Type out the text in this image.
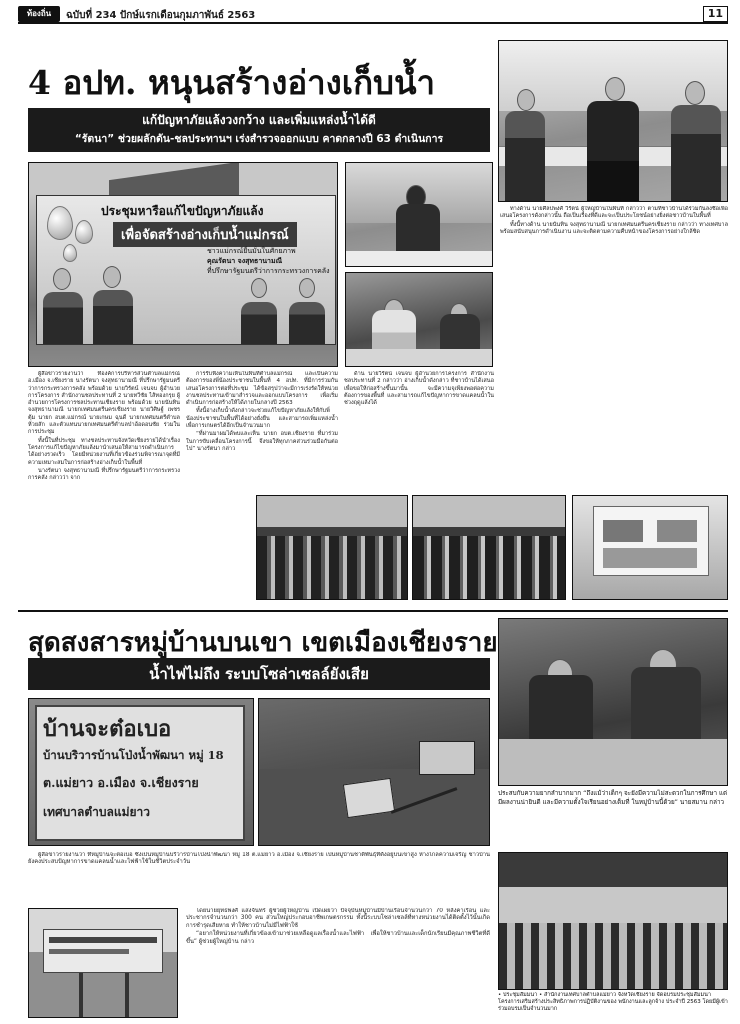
ท้องถิ่น	ฉบับที่ 234 ปักษ์แรกเดือนกุมภาพันธ์ 2563	11
4 อปท. หนุนสร้างอ่างเก็บน้ำ
แก้ปัญหาภัยแล้งวงกว้าง และเพิ่มแหล่งน้ำได้ดี
“รัตนา” ช่วยผลักดัน-ชลประทานฯ เร่งสำรวจออกแบบ คาดกลางปี 63 ดำเนินการ
ประชุมหารือแก้ไขปัญหาภัยแล้ง
เพื่อจัดสร้างอ่างเก็บน้ำแม่กรณ์
ชาวแม่กรณ์ยื่นมั่นในศักยภาพ
คุณรัตนา จงสุทธานามณี
ที่ปรึกษารัฐมนตรีว่าการกระทรวงการคลัง

ผู้สื่อข่าวรายงานว่า ที่องค์การบริหารส่วนตำบลแม่กรณ์ อ.เมือง จ.เชียงราย นางรัตนา จงสุทธานามณี ที่ปรึกษารัฐมนตรีว่าการกระทรวงการคลัง พร้อมด้วย นายวิรัตน์ เจนจบ ผู้อำนวยการโครงการ สำนักงานชลประทานที่ 2 นายทวีชัย ไส้ทองกรุย ผู้อำนวยการโครงการชลประทานเชียงราย พร้อมด้วย นายนันทิน จงสุทธานามณี นายกเทศมนตรีนครเชียงราย นายวิศิษฐ์ เพชรตุ้ม นายก อบต.แม่กรณ์ นายเกษม ฉุนดี นายกเทศมนตรีตำบลห้วยสัก และตัวแทนนายกเทศมนตรีตำบลป่าอ้อดอนชัย ร่วมในการประชุม

ทั้งนี้ในที่ประชุม ทางชลประทานจังหวัดเชียงรายได้นำเรื่องโครงการแก้ไขปัญหาภัยแล้งมานำเสนอให้สามารถดำเนินการได้อย่างรวดเร็ว โดยมีหน่วยงานที่เกี่ยวข้องร่วมพิจารณาจุดที่มีความเหมาะสมในการก่อสร้างอ่างเก็บน้ำในพื้นที่

นางรัตนา จงสุทธานามณี ที่ปรึกษารัฐมนตรีว่าการกระทรวงการคลัง กล่าวว่า จาก

การรับฟังความเห็นในพื้นที่ตำบลแม่กรณ์ และเป็นความต้องการของพี่น้องประชาชนในพื้นที่ 4 อปท. ที่มีการร่วมกันเสนอโครงการต่อที่ประชุม ได้ข้อสรุปว่าจะมีการเร่งรัดให้หน่วยงานชลประทานเข้ามาสำรวจและออกแบบโครงการ เพื่อเริ่มดำเนินการก่อสร้างให้ได้ภายในกลางปี 2563

ทั้งนี้อ่างเก็บน้ำดังกล่าวจะช่วยแก้ไขปัญหาภัยแล้งให้กับพี่น้องประชาชนในพื้นที่ได้อย่างยั่งยืน และสามารถเพิ่มแหล่งน้ำเพื่อการเกษตรได้อีกเป็นจำนวนมาก

“ที่ผ่านมาผมได้พบและเห็น นายก อบต.เชียงราย ที่มาร่วมในการขับเคลื่อนโครงการนี้ จึงขอให้ทุกภาคส่วนร่วมมือกันต่อไป” นางรัตนา กล่าว

ด้าน นายวิรัตน์ เจนจบ ผู้อำนวยการโครงการ สำนักงานชลประทานที่ 2 กล่าวว่า อ่างเก็บน้ำดังกล่าว ที่ชาวบ้านได้เสนอเพื่อขอให้ก่อสร้างขึ้นมานั้น จะมีความจุเพียงพอต่อความต้องการของพื้นที่ และสามารถแก้ไขปัญหาการขาดแคลนน้ำในช่วงฤดูแล้งได้

ทางด้าน นายศิลปพงศ์ วิรัตน์ ผู้ใหญ่บ้านในพื้นที่ กล่าวว่า ตามที่ชาวบ้านได้ร่วมกันลงชื่อเพื่อเสนอโครงการดังกล่าวนั้น ถือเป็นเรื่องที่ดีและจะเป็นประโยชน์อย่างยิ่งต่อชาวบ้านในพื้นที่

ทั้งนี้ทางด้าน นายนันทิน จงสุทธานามณี นายกเทศมนตรีนครเชียงราย กล่าวว่า ทางเทศบาลพร้อมสนับสนุนการดำเนินงาน และจะติดตามความคืบหน้าของโครงการอย่างใกล้ชิด

สุดสงสารหมู่บ้านบนเขา เขตเมืองเชียงราย
น้ำไฟไม่ถึง ระบบโซล่าเซลล์ยังเสีย
ประสบกับความยากลำบากมาก “ถึงแม้ว่าเด็กๆ จะยังมีความไม่สะดวกในการศึกษา แต่มีผลงานน่ายินดี และมีความตั้งใจเรียนอย่างเต็มที่ ในหมู่บ้านนี้ด้วย” นายสมาน กล่าว
บ้านจะต๋อเบอ
บ้านบริวารบ้านโป่งน้ำพัฒนา หมู่ 18
ต.แม่ยาว อ.เมือง จ.เชียงราย
เทศบาลตำบลแม่ยาว

ผู้สื่อข่าวรายงานว่า ที่หมู่บ้านจะต๋อเบอ ซึ่งเป็นหมู่บ้านบริวารบ้านโป่งน้ำพัฒนา หมู่ 18 ต.แม่ยาว อ.เมือง จ.เชียงราย เป็นหมู่บ้านชาติพันธุ์ที่ตั้งอยู่บนเขาสูง ห่างไกลความเจริญ ชาวบ้านยังคงประสบปัญหาการขาดแคลนน้ำและไฟฟ้าใช้ในชีวิตประจำวัน

• ประชุมสัมมนา • สำนักงานเทศบาลตำบลแม่ยาว จังหวัดเชียงราย จัดอบรมประชุมสัมมนา โครงการเสริมสร้างประสิทธิภาพการปฏิบัติงานของ พนักงานและลูกจ้าง ประจำปี 2563 โดยมีผู้เข้าร่วมอบรมเป็นจำนวนมาก

โดยนายยุทธพงศ์ แสงจันทร์ ผู้ช่วยผู้ใหญ่บ้าน เปิดเผยว่า ปัจจุบันหมู่บ้านมีบ้านเรือนจำนวนกว่า 70 หลังคาเรือน และประชากรจำนวนกว่า 300 คน ส่วนใหญ่ประกอบอาชีพเกษตรกรรม ทั้งนี้ระบบโซล่าเซลล์ที่ทางหน่วยงานได้ติดตั้งไว้นั้นเกิดการชำรุดเสียหาย ทำให้ชาวบ้านไม่มีไฟฟ้าใช้

“อยากให้หน่วยงานที่เกี่ยวข้องเข้ามาช่วยเหลือดูแลเรื่องน้ำและไฟฟ้า เพื่อให้ชาวบ้านและเด็กนักเรียนมีคุณภาพชีวิตที่ดีขึ้น” ผู้ช่วยผู้ใหญ่บ้าน กล่าว
